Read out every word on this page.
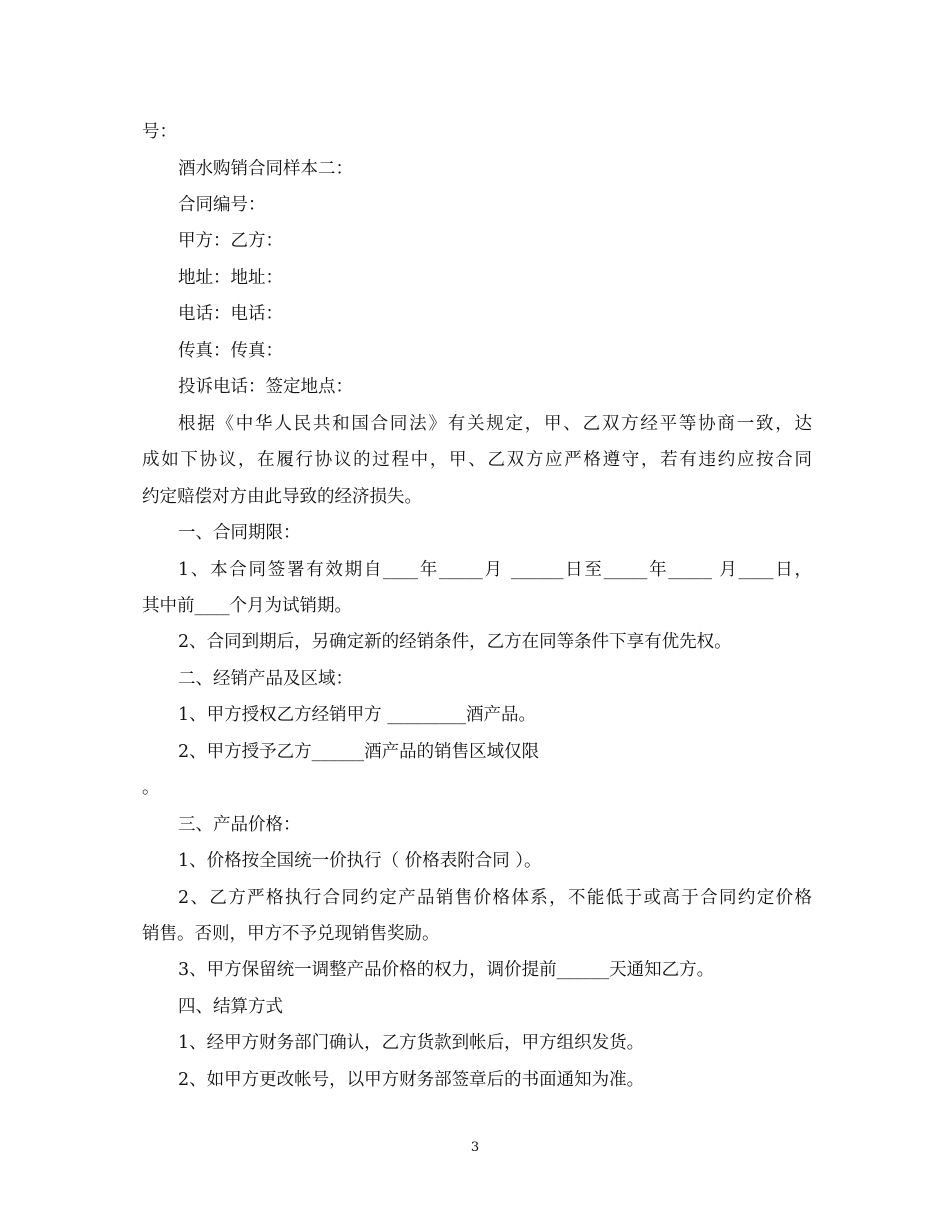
号：

酒水购销合同样本二：

合同编号：

甲方：乙方：

地址：地址：

电话：电话：

传真：传真：

投诉电话：签定地点：

根据《中华人民共和国合同法》有关规定，甲、乙双方经平等协商一致，达

成如下协议，在履行协议的过程中，甲、乙双方应严格遵守，若有违约应按合同

约定赔偿对方由此导致的经济损失。

一、合同期限：

1、本合同签署有效期自____年_____月 ______日至_____年_____ 月____日，

其中前____个月为试销期。

2、合同到期后，另确定新的经销条件，乙方在同等条件下享有优先权。

二、经销产品及区域：

1、甲方授权乙方经销甲方 _________酒产品。

2、甲方授予乙方______酒产品的销售区域仅限

。

三、产品价格：

1、价格按全国统一价执行（ 价格表附合同 ）。

2、乙方严格执行合同约定产品销售价格体系，不能低于或高于合同约定价格

销售。否则，甲方不予兑现销售奖励。

3、甲方保留统一调整产品价格的权力，调价提前______天通知乙方。

四、结算方式

1、经甲方财务部门确认，乙方货款到帐后，甲方组织发货。

2、如甲方更改帐号，以甲方财务部签章后的书面通知为准。

3
